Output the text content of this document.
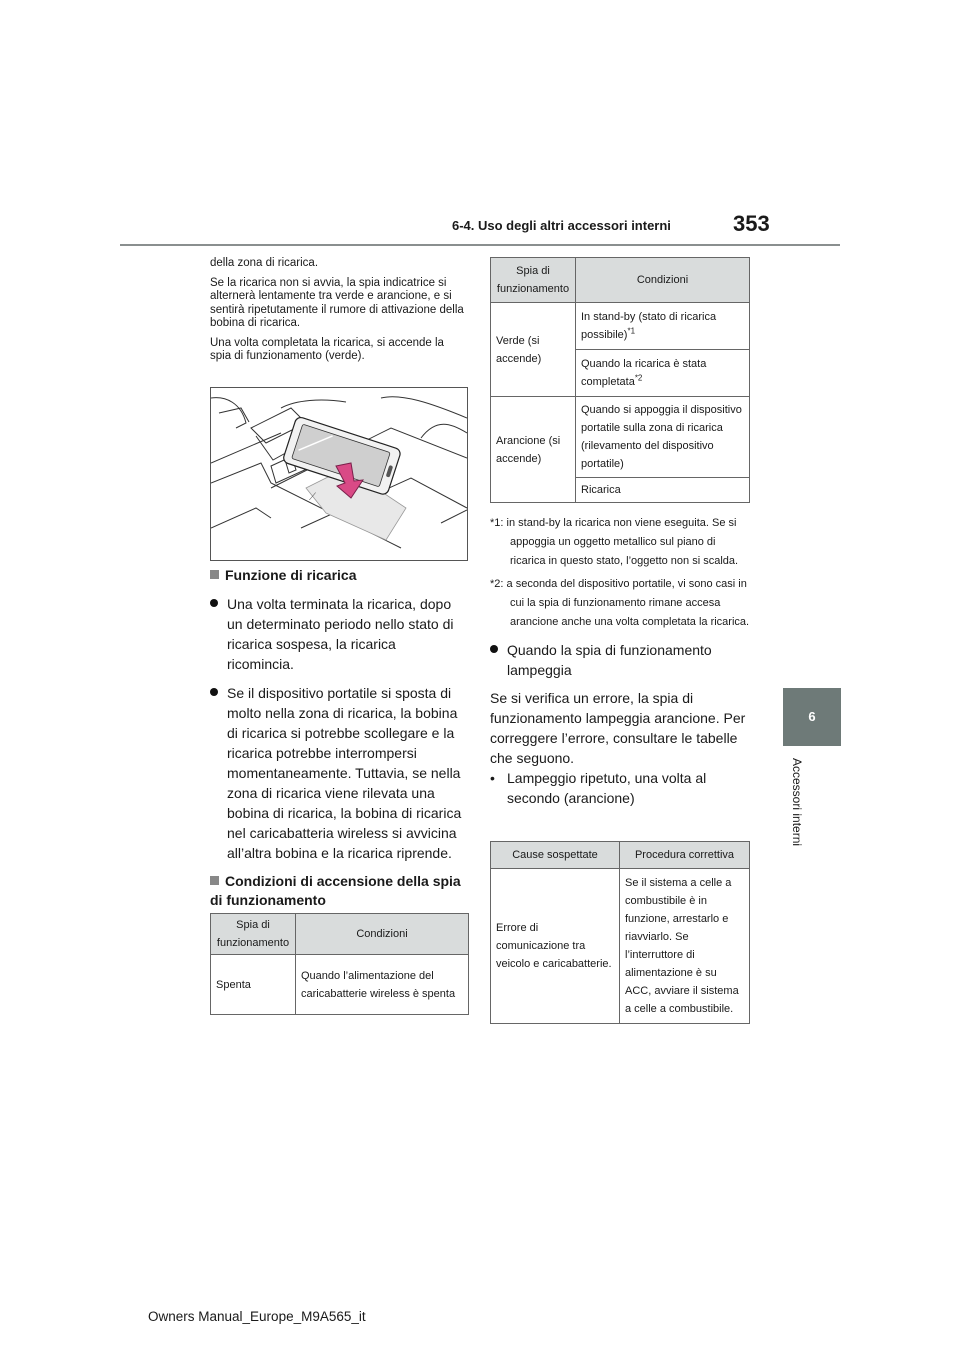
6-4. Uso degli altri accessori interni	353
6
Accessori interni

della zona di ricarica.

Se la ricarica non si avvia, la spia indicatrice si alternerà lentamente tra verde e arancione, e si sentirà ripetutamente il rumore di attivazione della bobina di ricarica.

Una volta completata la ricarica, si accende la spia di funzionamento (verde).

⟋
Funzione di ricarica
Una volta terminata la ricarica, dopo un determinato periodo nello stato di ricarica sospesa, la ricarica ricomincia.
Se il dispositivo portatile si sposta di molto nella zona di ricarica, la bobina di ricarica si potrebbe scollegare e la ricarica potrebbe interrompersi momentaneamente. Tuttavia, se nella zona di ricarica viene rilevata una bobina di ricarica, la bobina di ricarica nel caricabatteria wireless si avvicina all’altra bobina e la ricarica riprende.
Condizioni di accensione della spia di funzionamento
Spia di funzionamento	Condizioni
Spenta	Quando l’alimentazione del caricabatterie wireless è spenta
Spia di funzionamento	Condizioni
Verde (si accende)	In stand-by (stato di ricarica possibile)$^{*1}$
	Quando la ricarica è stata completata$^{*2}$
Arancione (si accende)	Quando si appoggia il dispositivo portatile sulla zona di ricarica (rilevamento del dispositivo portatile)
	Ricarica
*1: in stand-by la ricarica non viene eseguita. Se si appoggia un oggetto metallico sul piano di ricarica in questo stato, l’oggetto non si scalda.
*2: a seconda del dispositivo portatile, vi sono casi in cui la spia di funzionamento rimane accesa arancione anche una volta completata la ricarica.
Quando la spia di funzionamento lampeggia
Se si verifica un errore, la spia di funzionamento lampeggia arancione. Per correggere l’errore, consultare le tabelle che seguono.
• Lampeggio ripetuto, una volta al secondo (arancione)
Cause sospettate	Procedura correttiva
Errore di comunicazione tra veicolo e caricabatterie.	Se il sistema a celle a combustibile è in funzione, arrestarlo e riavviarlo. Se l’interruttore di alimentazione è su ACC, avviare il sistema a celle a combustibile.
Owners Manual_Europe_M9A565_it
